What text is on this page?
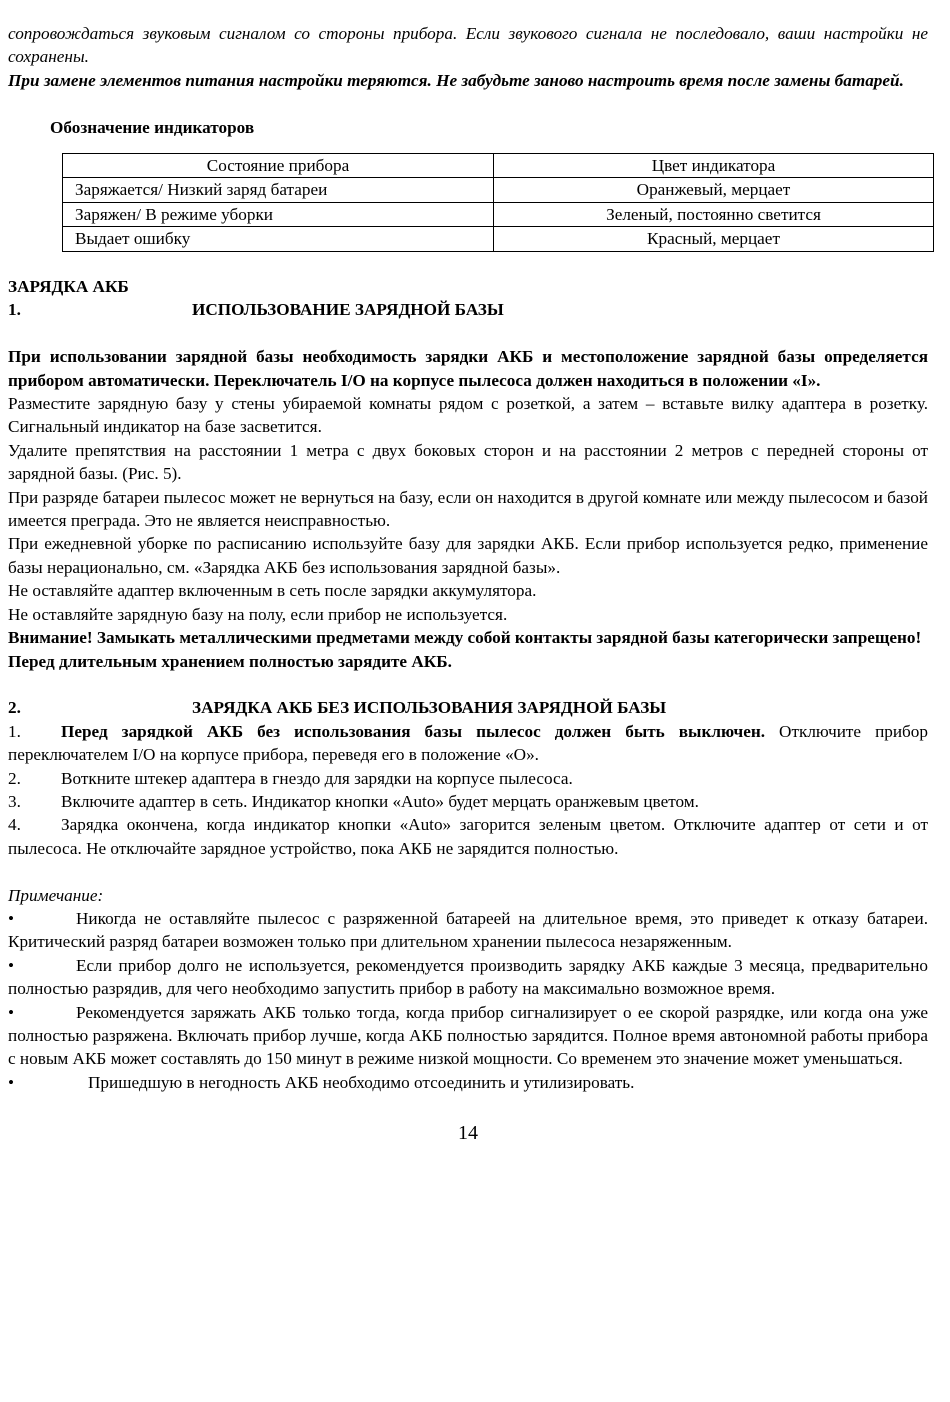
сопровождаться звуковым сигналом со стороны прибора. Если звукового сигнала не последовало, ваши настройки не сохранены.

При замене элементов питания настройки теряются. Не забудьте заново настроить время после замены батарей.

Обозначение индикаторов

Состояние прибора	Цвет индикатора
Заряжается/ Низкий заряд батареи	Оранжевый, мерцает
Заряжен/ В режиме уборки	Зеленый, постоянно светится
Выдает ошибку	Красный, мерцает

ЗАРЯДКА АКБ

1.	ИСПОЛЬЗОВАНИЕ ЗАРЯДНОЙ БАЗЫ

При использовании зарядной базы необходимость зарядки АКБ и местоположение зарядной базы определяется прибором автоматически. Переключатель I/O на корпусе пылесоса должен находиться в положении «I».

Разместите зарядную базу у стены убираемой комнаты рядом с розеткой, а затем – вставьте вилку адаптера в розетку. Сигнальный индикатор на базе засветится.

Удалите препятствия на расстоянии 1 метра с двух боковых сторон и на расстоянии 2 метров с передней стороны от зарядной базы. (Рис. 5).

При разряде батареи пылесос может не вернуться на базу, если он находится в другой комнате или между пылесосом и базой имеется преграда. Это не является неисправностью.

При ежедневной уборке по расписанию используйте базу для зарядки АКБ. Если прибор используется редко, применение базы нерационально, см. «Зарядка АКБ без использования зарядной базы».

Не оставляйте адаптер включенным в сеть после зарядки аккумулятора.

Не оставляйте зарядную базу на полу, если прибор не используется.

Внимание! Замыкать металлическими предметами между собой контакты зарядной базы категорически запрещено!

Перед длительным хранением полностью зарядите АКБ.

2.	ЗАРЯДКА АКБ БЕЗ ИСПОЛЬЗОВАНИЯ ЗАРЯДНОЙ БАЗЫ

1. Перед зарядкой АКБ без использования базы пылесос должен быть выключен. Отключите прибор переключателем I/O на корпусе прибора, переведя его в положение «О».

2. Воткните штекер адаптера в гнездо для зарядки на корпусе пылесоса.

3. Включите адаптер в сеть. Индикатор кнопки «Auto» будет мерцать оранжевым цветом.

4. Зарядка окончена, когда индикатор кнопки «Auto» загорится зеленым цветом. Отключите адаптер от сети и от пылесоса. Не отключайте зарядное устройство, пока АКБ не зарядится полностью.

Примечание:

•	Никогда не оставляйте пылесос с разряженной батареей на длительное время, это приведет к отказу батареи. Критический разряд батареи возможен только при длительном хранении пылесоса незаряженным.

•	Если прибор долго не используется, рекомендуется производить зарядку АКБ каждые 3 месяца, предварительно полностью разрядив, для чего необходимо запустить прибор в работу на максимально возможное время.

•	Рекомендуется заряжать АКБ только тогда, когда прибор сигнализирует о ее скорой разрядке, или когда она уже полностью разряжена. Включать прибор лучше, когда АКБ полностью зарядится. Полное время автономной работы прибора с новым АКБ может составлять до 150 минут в режиме низкой мощности. Со временем это значение может уменьшаться.

•	Пришедшую в негодность АКБ необходимо отсоединить и утилизировать.

14
